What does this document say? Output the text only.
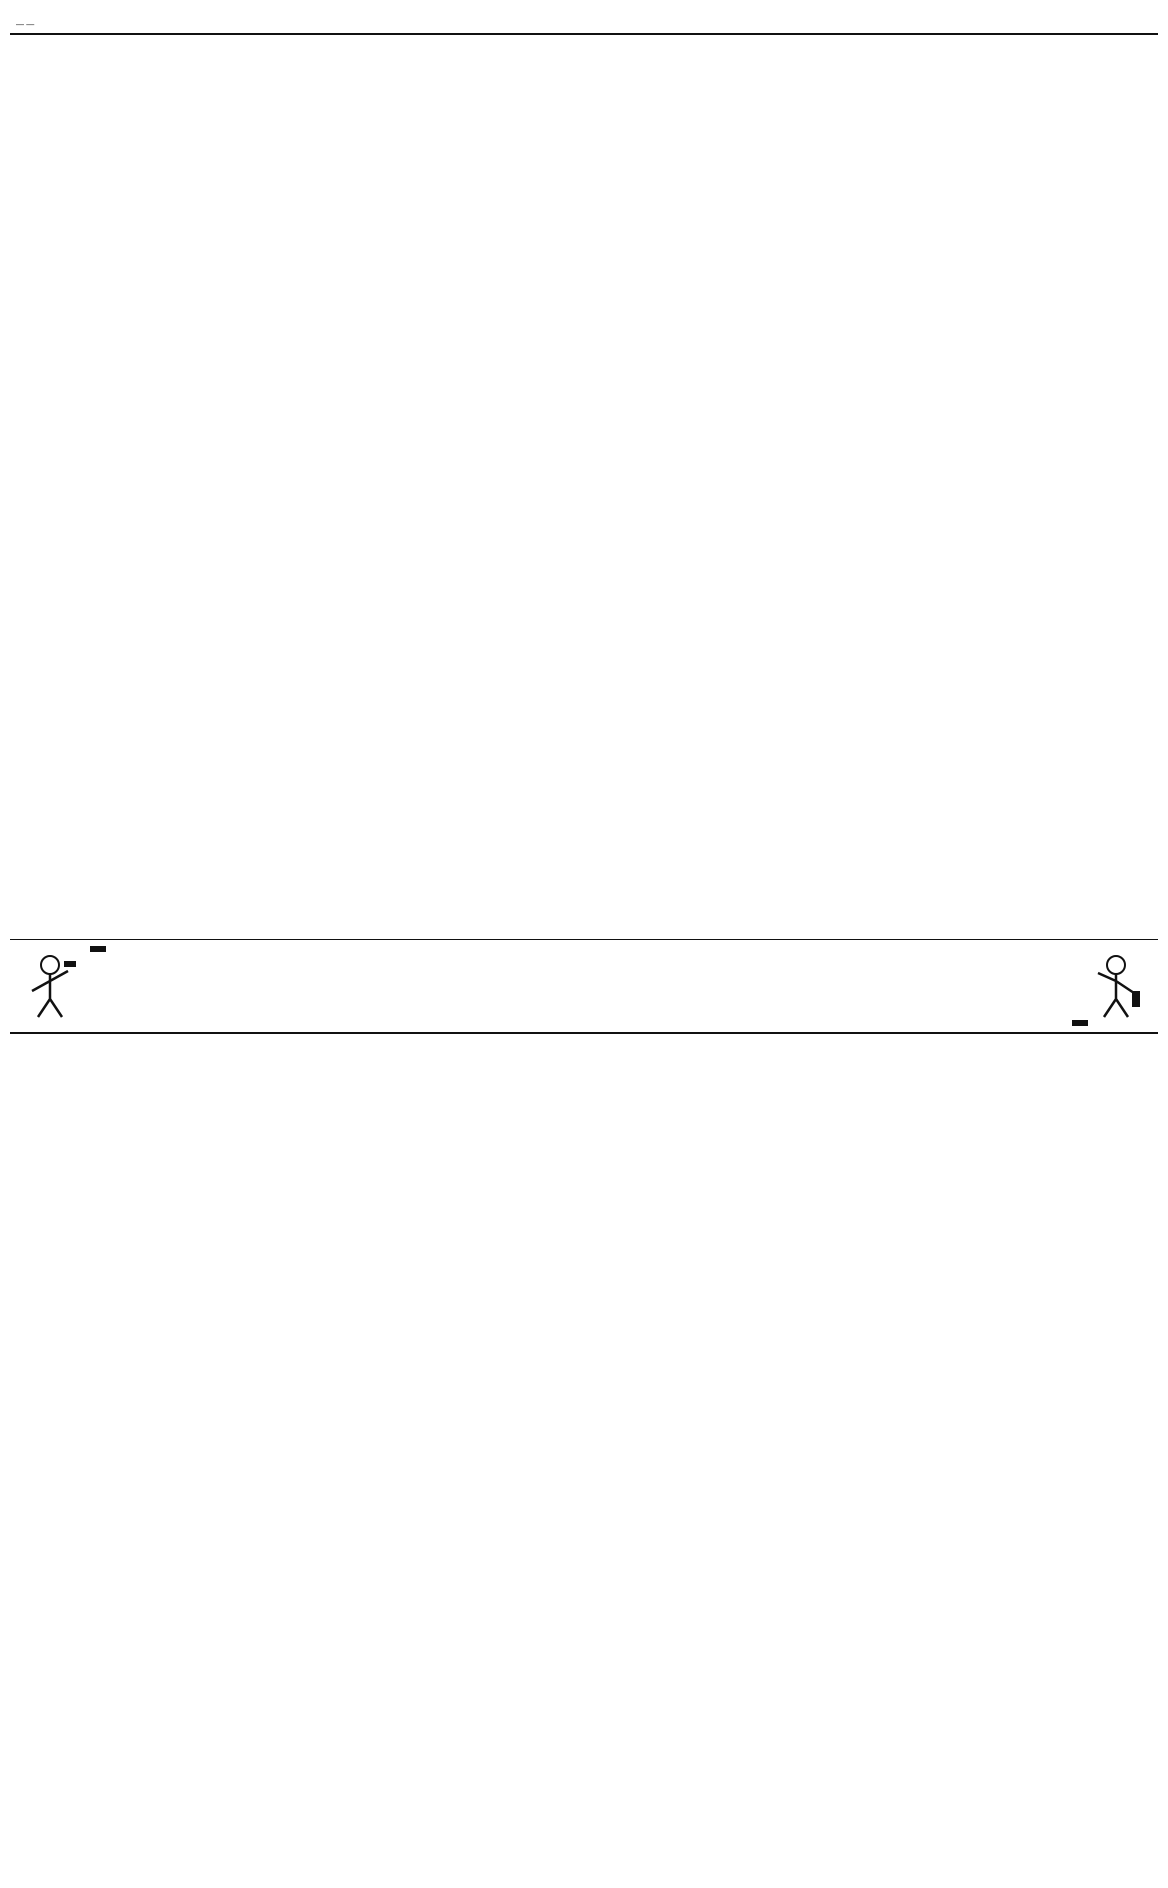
— —
